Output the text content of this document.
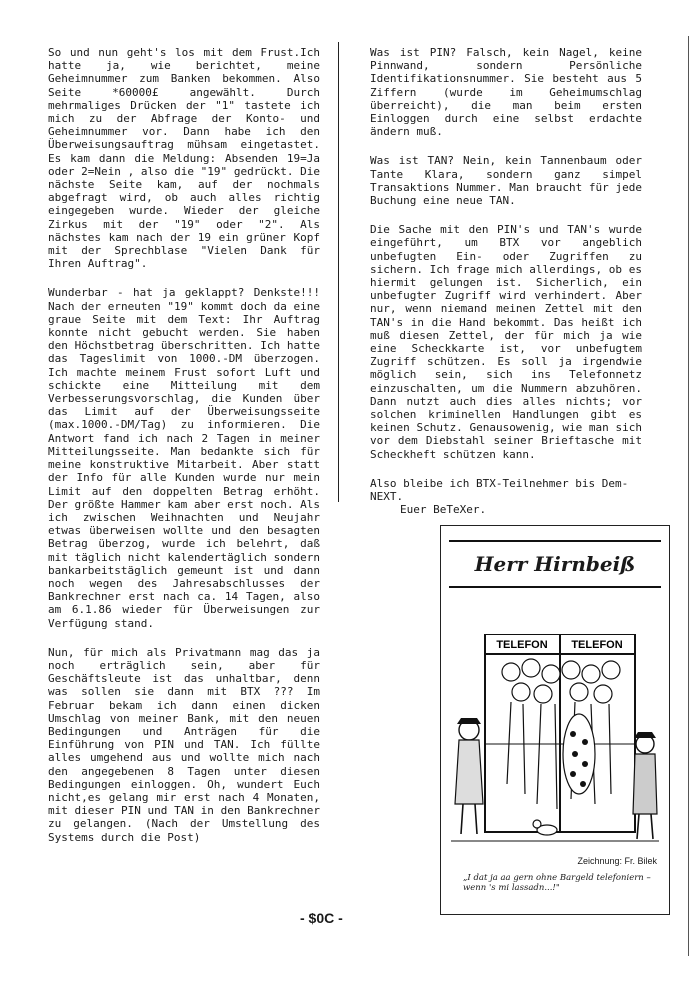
So und nun geht's los mit dem Frust.Ich hatte ja, wie berichtet, meine Geheimnummer zum Banken bekommen. Also Seite *60000£ angewählt. Durch mehrmaliges Drücken der "1" tastete ich mich zu der Abfrage der Konto- und Geheimnummer vor. Dann habe ich den Überweisungsauftrag mühsam eingetastet. Es kam dann die Meldung: Absenden 19=Ja oder 2=Nein , also die "19" gedrückt. Die nächste Seite kam, auf der nochmals abgefragt wird, ob auch alles richtig eingegeben wurde. Wieder der gleiche Zirkus mit der "19" oder "2". Als nächstes kam nach der 19 ein grüner Kopf mit der Sprechblase "Vielen Dank für Ihren Auftrag".

Wunderbar - hat ja geklappt? Denkste!!! Nach der erneuten "19" kommt doch da eine graue Seite mit dem Text: Ihr Auftrag konnte nicht gebucht werden. Sie haben den Höchstbetrag überschritten. Ich hatte das Tageslimit von 1000.-DM überzogen. Ich machte meinem Frust sofort Luft und schickte eine Mitteilung mit dem Verbesserungsvorschlag, die Kunden über das Limit auf der Überweisungsseite (max.1000.-DM/Tag) zu informieren. Die Antwort fand ich nach 2 Tagen in meiner Mitteilungsseite. Man bedankte sich für meine konstruktive Mitarbeit. Aber statt der Info für alle Kunden wurde nur mein Limit auf den doppelten Betrag erhöht. Der größte Hammer kam aber erst noch. Als ich zwischen Weihnachten und Neujahr etwas überweisen wollte und den besagten Betrag überzog, wurde ich belehrt, daß mit täglich nicht kalendertäglich sondern bankarbeitstäglich gemeunt ist und dann noch wegen des Jahresabschlusses der Bankrechner erst nach ca. 14 Tagen, also am 6.1.86 wieder für Überweisungen zur Verfügung stand.

Nun, für mich als Privatmann mag das ja noch erträglich sein, aber für Geschäftsleute ist das unhaltbar, denn was sollen sie dann mit BTX ??? Im Februar bekam ich dann einen dicken Umschlag von meiner Bank, mit den neuen Bedingungen und Anträgen für die Einführung von PIN und TAN. Ich füllte alles umgehend aus und wollte mich nach den angegebenen 8 Tagen unter diesen Bedingungen einloggen. Oh, wundert Euch nicht,es gelang mir erst nach 4 Monaten, mit dieser PIN und TAN in den Bankrechner zu gelangen. (Nach der Umstellung des Systems durch die Post)

Was ist PIN? Falsch, kein Nagel, keine Pinnwand, sondern Persönliche Identifikationsnummer. Sie besteht aus 5 Ziffern (wurde im Geheimumschlag überreicht), die man beim ersten Einloggen durch eine selbst erdachte ändern muß.

Was ist TAN? Nein, kein Tannenbaum oder Tante Klara, sondern ganz simpel Transaktions Nummer. Man braucht für jede Buchung eine neue TAN.

Die Sache mit den PIN's und TAN's wurde eingeführt, um BTX vor angeblich unbefugten Ein- oder Zugriffen zu sichern. Ich frage mich allerdings, ob es hiermit gelungen ist. Sicherlich, ein unbefugter Zugriff wird verhindert. Aber nur, wenn niemand meinen Zettel mit den TAN's in die Hand bekommt. Das heißt ich muß diesen Zettel, der für mich ja wie eine Scheckkarte ist, vor unbefugtem Zugriff schützen. Es soll ja irgendwie möglich sein, sich ins Telefonnetz einzuschalten, um die Nummern abzuhören. Dann nutzt auch dies alles nichts; vor solchen kriminellen Handlungen gibt es keinen Schutz. Genausowenig, wie man sich vor dem Diebstahl seiner Brieftasche mit Scheckheft schützen kann.

Also bleibe ich BTX-Teilnehmer bis Dem-NEXT.
Euer BeTeXer.

Herr Hirnbeiß
TELEFON TELEFON
Zeichnung: Fr. Bilek
„I dat ja aa gern ohne Bargeld telefoniern – wenn 's mi lassadn...!"
- $0C -
